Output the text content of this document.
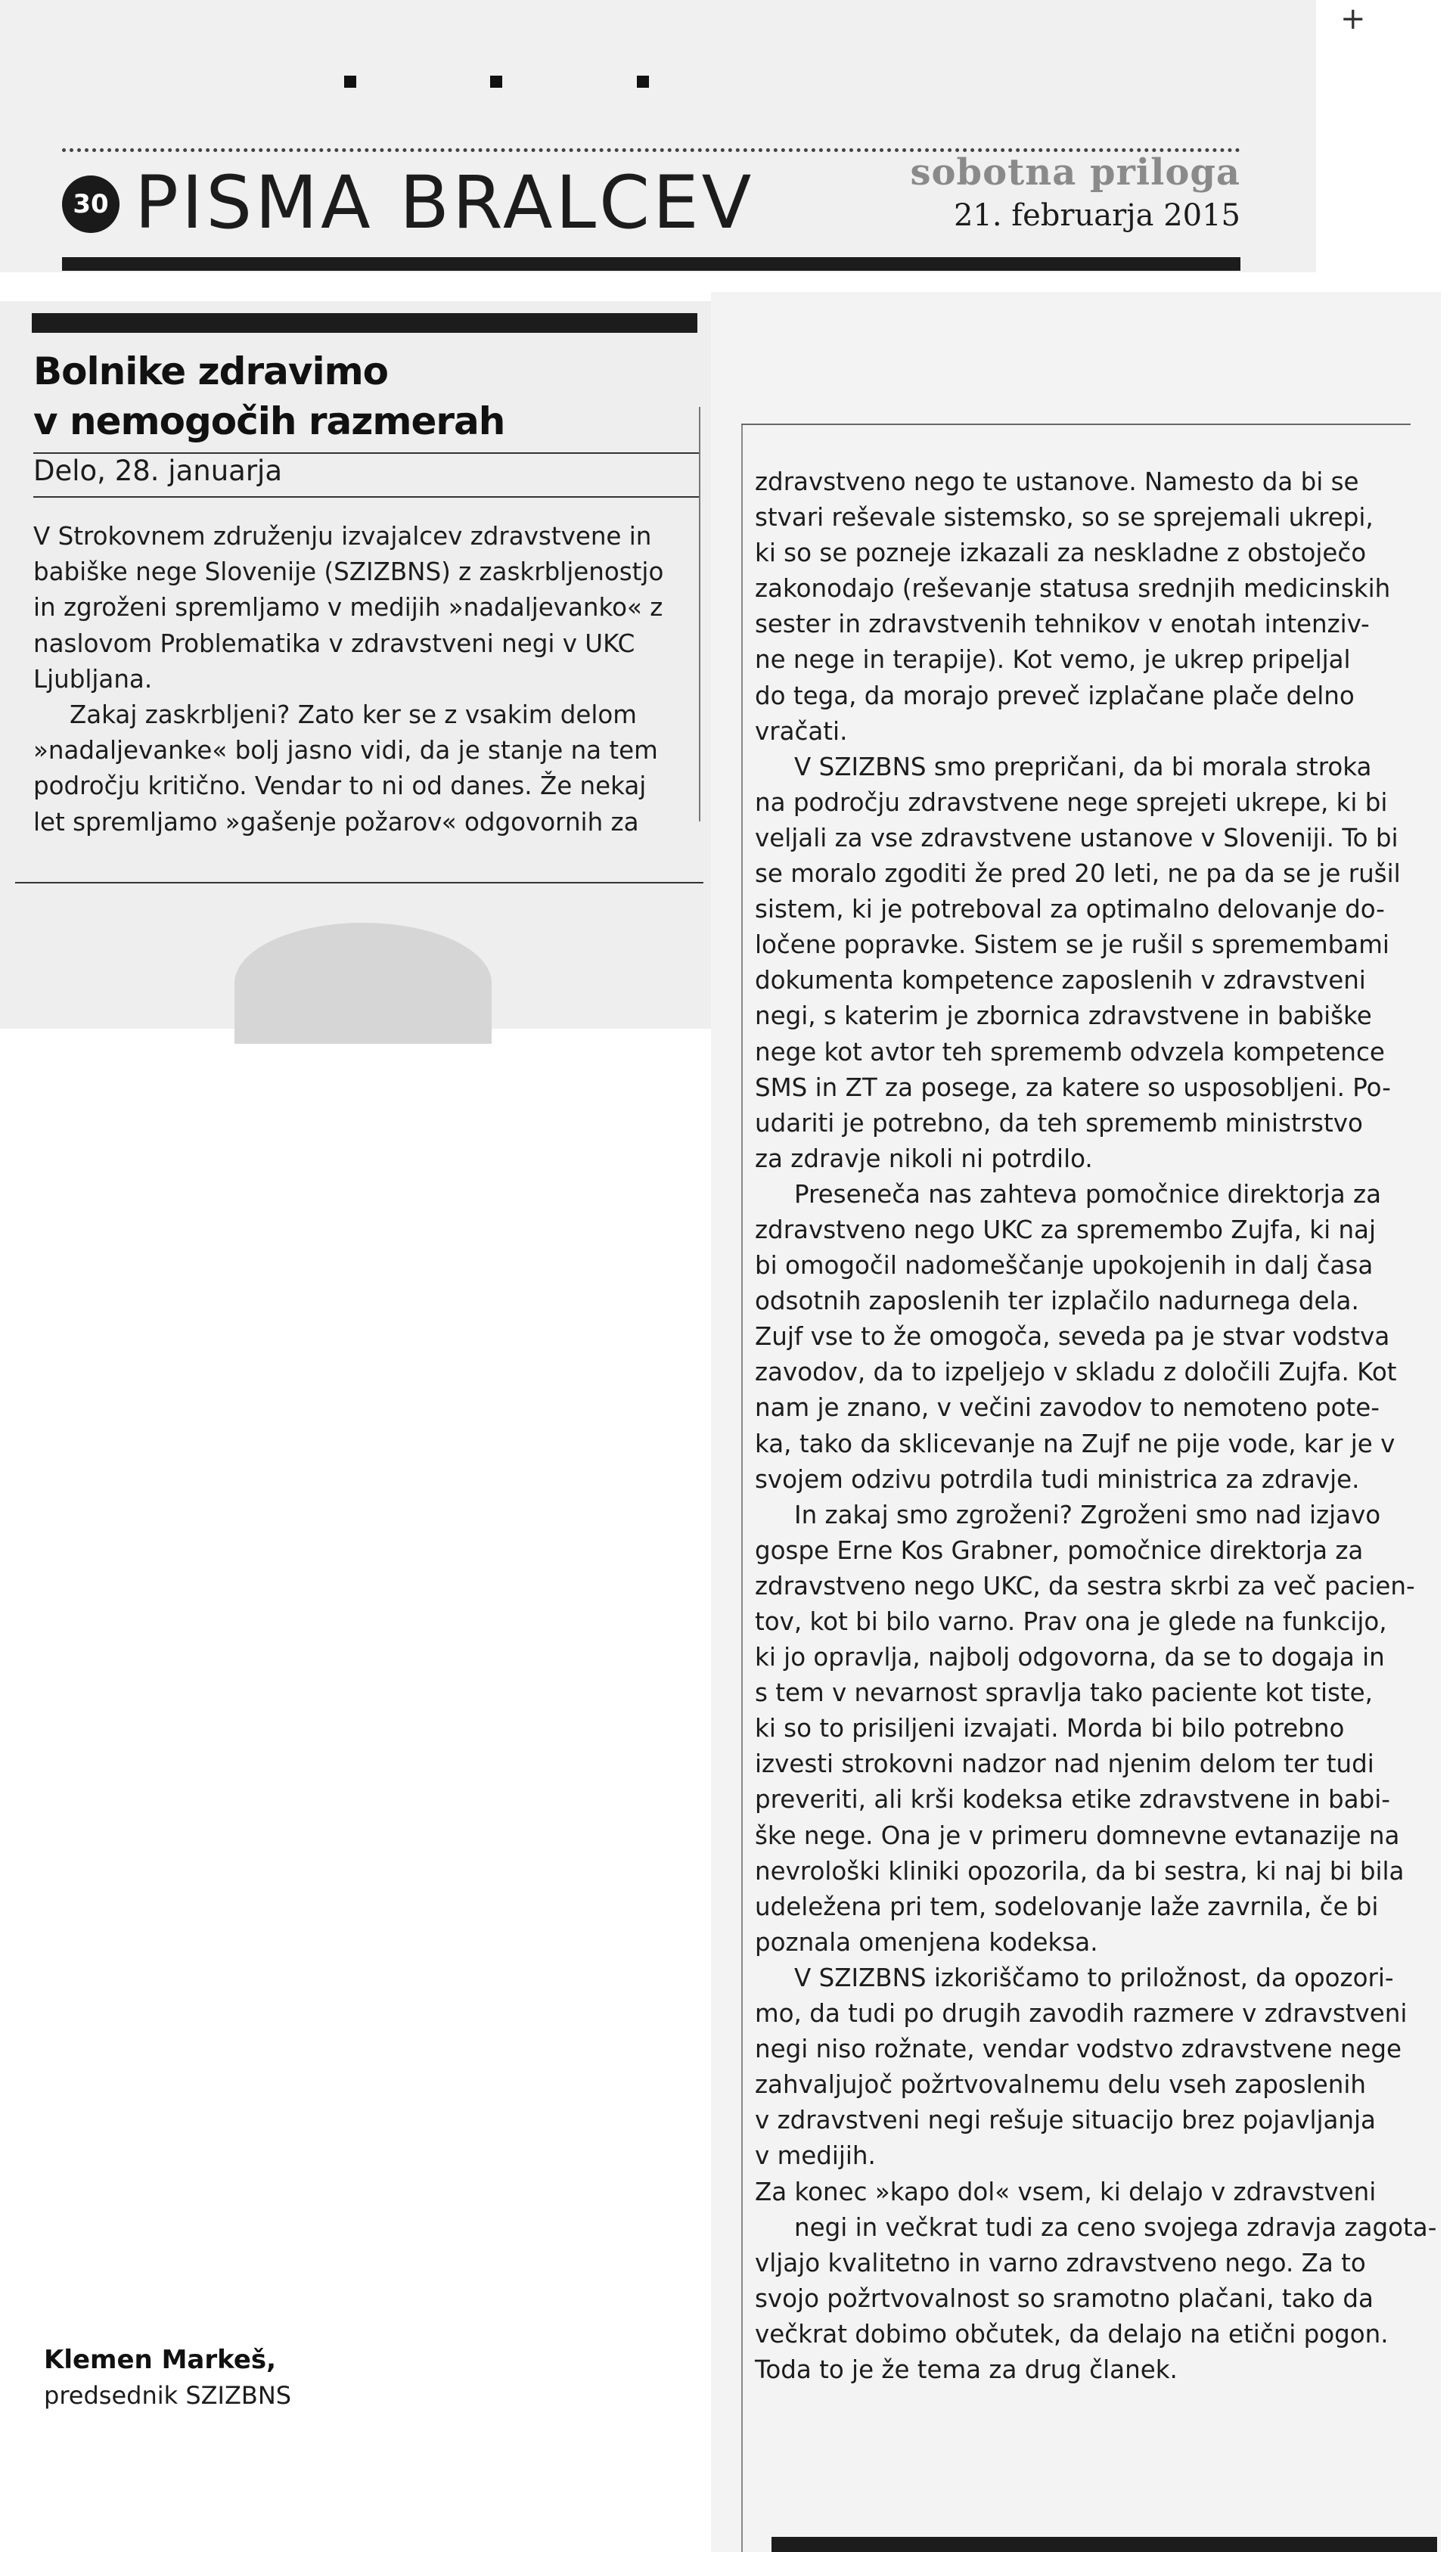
30 PISMA BRALCEV	sobotna priloga
21. februarja 2015
+
Bolnike zdravimo
v nemogočih razmerah
Delo, 28. januarja
V Strokovnem združenju izvajalcev zdravstvene in
babiške nege Slovenije (SZIZBNS) z zaskrbljenostjo
in zgroženi spremljamo v medijih »nadaljevanko« z
naslovom Problematika v zdravstveni negi v UKC
Ljubljana.
Zakaj zaskrbljeni? Zato ker se z vsakim delom
»nadaljevanke« bolj jasno vidi, da je stanje na tem
področju kritično. Vendar to ni od danes. Že nekaj
let spremljamo »gašenje požarov« odgovornih za
zdravstveno nego te ustanove. Namesto da bi se
stvari reševale sistemsko, so se sprejemali ukrepi,
ki so se pozneje izkazali za neskladne z obstoječo
zakonodajo (reševanje statusa srednjih medicinskih
sester in zdravstvenih tehnikov v enotah intenziv-
ne nege in terapije). Kot vemo, je ukrep pripeljal
do tega, da morajo preveč izplačane plače delno
vračati.
V SZIZBNS smo prepričani, da bi morala stroka
na področju zdravstvene nege sprejeti ukrepe, ki bi
veljali za vse zdravstvene ustanove v Sloveniji. To bi
se moralo zgoditi že pred 20 leti, ne pa da se je rušil
sistem, ki je potreboval za optimalno delovanje do-
ločene popravke. Sistem se je rušil s spremembami
dokumenta kompetence zaposlenih v zdravstveni
negi, s katerim je zbornica zdravstvene in babiške
nege kot avtor teh sprememb odvzela kompetence
SMS in ZT za posege, za katere so usposobljeni. Po-
udariti je potrebno, da teh sprememb ministrstvo
za zdravje nikoli ni potrdilo.
Preseneča nas zahteva pomočnice direktorja za
zdravstveno nego UKC za spremembo Zujfa, ki naj
bi omogočil nadomeščanje upokojenih in dalj časa
odsotnih zaposlenih ter izplačilo nadurnega dela.
Zujf vse to že omogoča, seveda pa je stvar vodstva
zavodov, da to izpeljejo v skladu z določili Zujfa. Kot
nam je znano, v večini zavodov to nemoteno pote-
ka, tako da sklicevanje na Zujf ne pije vode, kar je v
svojem odzivu potrdila tudi ministrica za zdravje.
In zakaj smo zgroženi? Zgroženi smo nad izjavo
gospe Erne Kos Grabner, pomočnice direktorja za
zdravstveno nego UKC, da sestra skrbi za več pacien-
tov, kot bi bilo varno. Prav ona je glede na funkcijo,
ki jo opravlja, najbolj odgovorna, da se to dogaja in
s tem v nevarnost spravlja tako paciente kot tiste,
ki so to prisiljeni izvajati. Morda bi bilo potrebno
izvesti strokovni nadzor nad njenim delom ter tudi
preveriti, ali krši kodeksa etike zdravstvene in babi-
ške nege. Ona je v primeru domnevne evtanazije na
nevrološki kliniki opozorila, da bi sestra, ki naj bi bila
udeležena pri tem, sodelovanje laže zavrnila, če bi
poznala omenjena kodeksa.
V SZIZBNS izkoriščamo to priložnost, da opozori-
mo, da tudi po drugih zavodih razmere v zdravstveni
negi niso rožnate, vendar vodstvo zdravstvene nege
zahvaljujoč požrtvovalnemu delu vseh zaposlenih
v zdravstveni negi rešuje situacijo brez pojavljanja
v medijih.
Za konec »kapo dol« vsem, ki delajo v zdravstveni
negi in večkrat tudi za ceno svojega zdravja zagota-
vljajo kvalitetno in varno zdravstveno nego. Za to
svojo požrtvovalnost so sramotno plačani, tako da
večkrat dobimo občutek, da delajo na etični pogon.
Toda to je že tema za drug članek.
Klemen Markeš,
predsednik SZIZBNS
